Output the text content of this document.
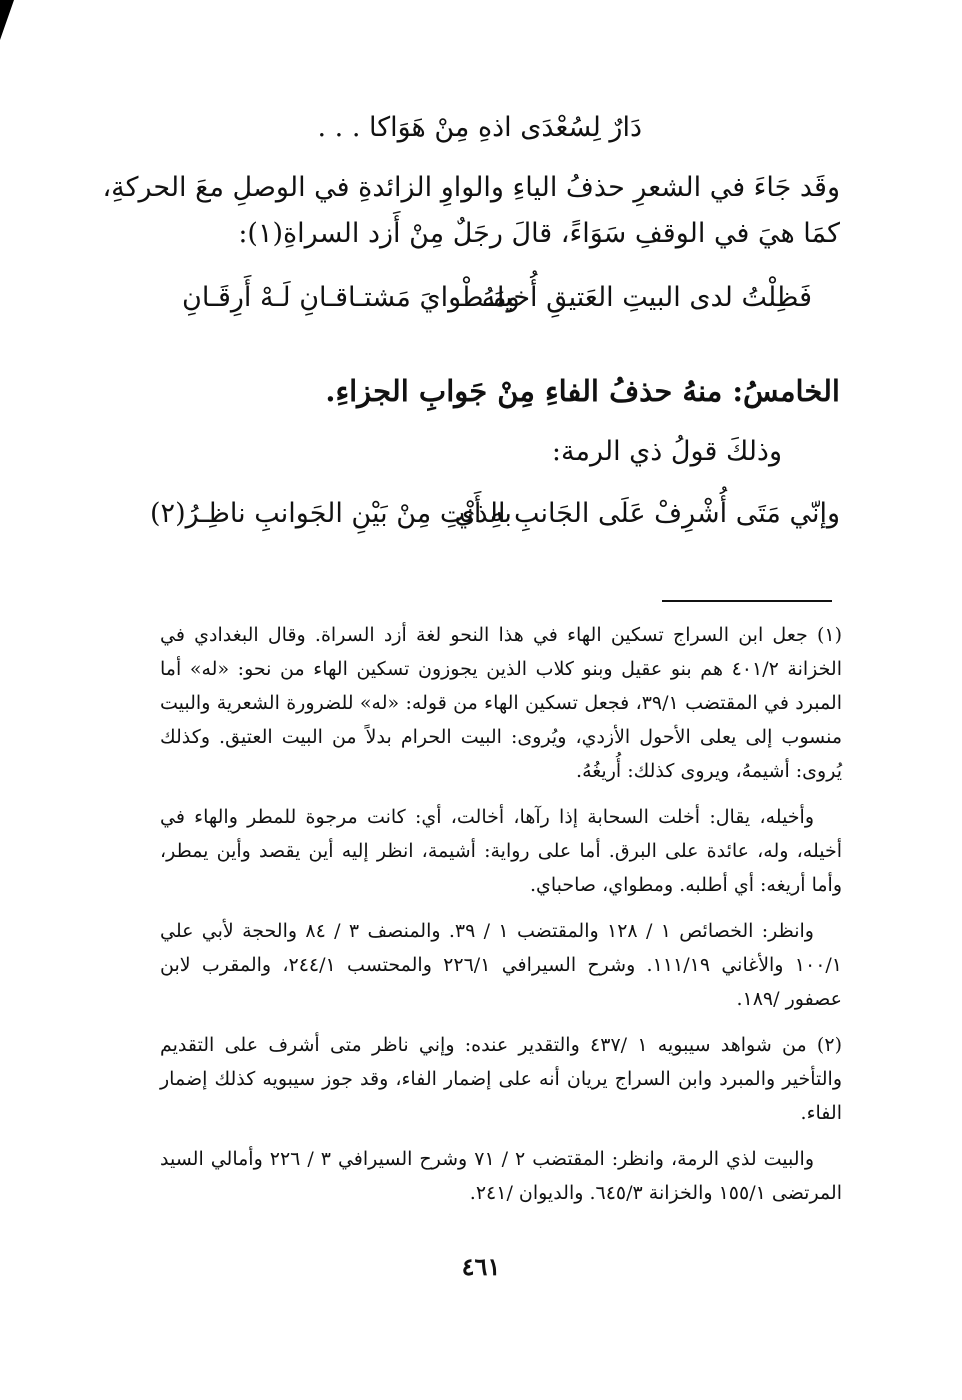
دَارٌ لِسُعْدَى اذهِ مِنْ هَوَاكا . . .
وقَد جَاءَ في الشعرِ حذفُ الياءِ والواوِ الزائدةِ في الوصلِ معَ الحركةِ،
كمَا هيَ في الوقفِ سَوَاءً، قالَ رجَلٌ مِنْ أَزد السراةِ(١):
فَظِلْتُ لدى البيتِ العَتيقِ أُخيلهُ
ومَـطْوايَ مَشتـاقـانِ لَـهْ أَرِقَـانِ
الخامسُ: منهُ حذفُ الفاءِ مِنْ جَوابِ الجزاءِ.
وذلكَ قولُ ذي الرمة:
وإنّي مَتَى أُشْرِفْ عَلَى الجَانبِ الذي
بهِ أَنْتِ مِنْ بَيْنِ الجَوانبِ ناظِـرُ(٢)

(١) جعل ابن السراج تسكين الهاء في هذا النحو لغة أزد السراة. وقال البغدادي في الخزانة ٤٠١/٢ هم بنو عقيل وبنو كلاب الذين يجوزون تسكين الهاء من نحو: «له» أما المبرد في المقتضب ٣٩/١، فجعل تسكين الهاء من قوله: «له» للضرورة الشعرية والبيت منسوب إلى يعلى الأحول الأزدي، ويُروى: البيت الحرام بدلاً من البيت العتيق. وكذلك يُروى: أشيمهُ، ويروى كذلك: أُريغُهُ.

وأخيله، يقال: أخلت السحابة إذا رآها، أخالت، أي: كانت مرجوة للمطر والهاء في أخيله، وله، عائدة على البرق. أما على رواية: أشيمة، انظر إليه أين يقصد وأين يمطر، وأما أريغه: أي أطلبه. ومطواي، صاحباي.

وانظر: الخصائص ١ / ١٢٨ والمقتضب ١ / ٣٩. والمنصف ٣ / ٨٤ والحجة لأبي علي ١٠٠/١ والأغاني ١١١/١٩. وشرح السيرافي ٢٢٦/١ والمحتسب ٢٤٤/١، والمقرب لابن عصفور /١٨٩.

(٢) من شواهد سيبويه ١ /٤٣٧ والتقدير عنده: وإني ناظر متى أشرف على التقديم والتأخير والمبرد وابن السراج يريان أنه على إضمار الفاء، وقد جوز سيبويه كذلك إضمار الفاء.

والبيت لذي الرمة، وانظر: المقتضب ٢ / ٧١ وشرح السيرافي ٣ / ٢٢٦ وأمالي السيد المرتضى ١٥٥/١ والخزانة ٦٤٥/٣. والديوان /٢٤١.

٤٦١
